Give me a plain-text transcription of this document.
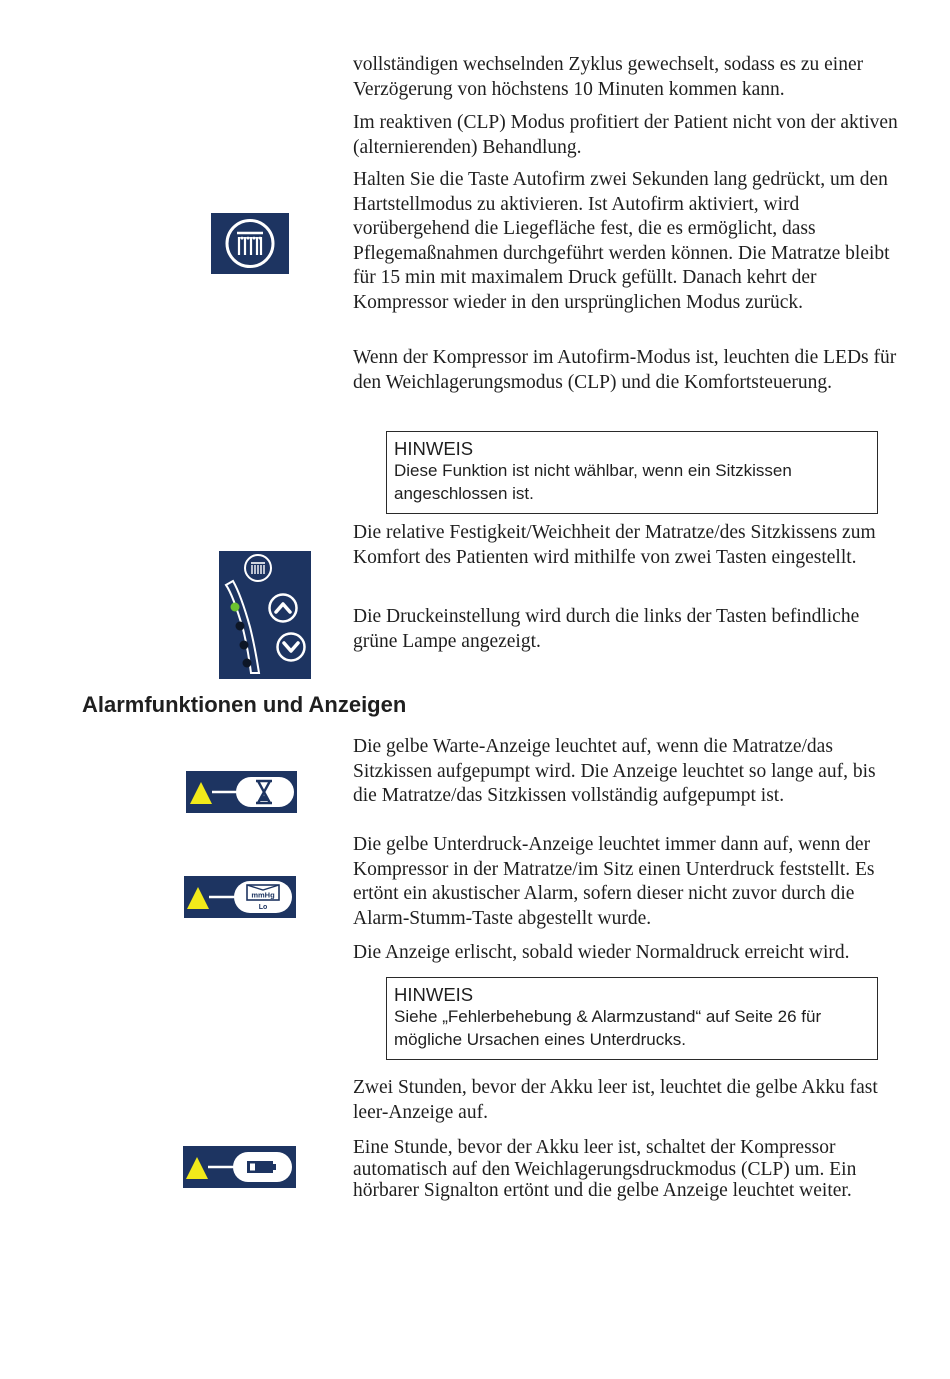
vollständigen wechselnden Zyklus gewechselt, sodass es zu einer Verzögerung von höchstens 10 Minuten kommen kann.

Im reaktiven (CLP) Modus profitiert der Patient nicht von der aktiven (alternierenden) Behandlung.

Halten Sie die Taste Autofirm zwei Sekunden lang gedrückt, um den Hartstellmodus zu aktivieren. Ist Autofirm aktiviert, wird vorübergehend die Liegefläche fest, die es ermöglicht, dass Pflegemaßnahmen durchgeführt werden können. Die Matratze bleibt für 15 min mit maximalem Druck gefüllt. Danach kehrt der Kompressor wieder in den ursprünglichen Modus zurück.

Wenn der Kompressor im Autofirm-Modus ist, leuchten die LEDs für den Weichlagerungsmodus (CLP) und die Komfortsteuerung.

HINWEIS
Diese Funktion ist nicht wählbar, wenn ein Sitzkissen angeschlossen ist.

Die relative Festigkeit/Weichheit der Matratze/des Sitzkissens zum Komfort des Patienten wird mithilfe von zwei Tasten eingestellt.

Die Druckeinstellung wird durch die links der Tasten befindliche grüne Lampe angezeigt.

Alarmfunktionen und Anzeigen

Die gelbe Warte-Anzeige leuchtet auf, wenn die Matratze/das Sitzkissen aufgepumpt wird. Die Anzeige leuchtet so lange auf, bis die Matratze/das Sitzkissen vollständig aufgepumpt ist.

Die gelbe Unterdruck-Anzeige leuchtet immer dann auf, wenn der Kompressor in der Matratze/im Sitz einen Unterdruck feststellt. Es ertönt ein akustischer Alarm, sofern dieser nicht zuvor durch die Alarm-Stumm-Taste abgestellt wurde.

mmHg
Lo

Die Anzeige erlischt, sobald wieder Normaldruck erreicht wird.

HINWEIS
Siehe „Fehlerbehebung & Alarmzustand“ auf Seite 26 für mögliche Ursachen eines Unterdrucks.

Zwei Stunden, bevor der Akku leer ist, leuchtet die gelbe Akku fast leer-Anzeige auf.

Eine Stunde, bevor der Akku leer ist, schaltet der Kompressor automatisch auf den Weichlagerungsdruckmodus (CLP) um. Ein hörbarer Signalton ertönt und die gelbe Anzeige leuchtet weiter.
